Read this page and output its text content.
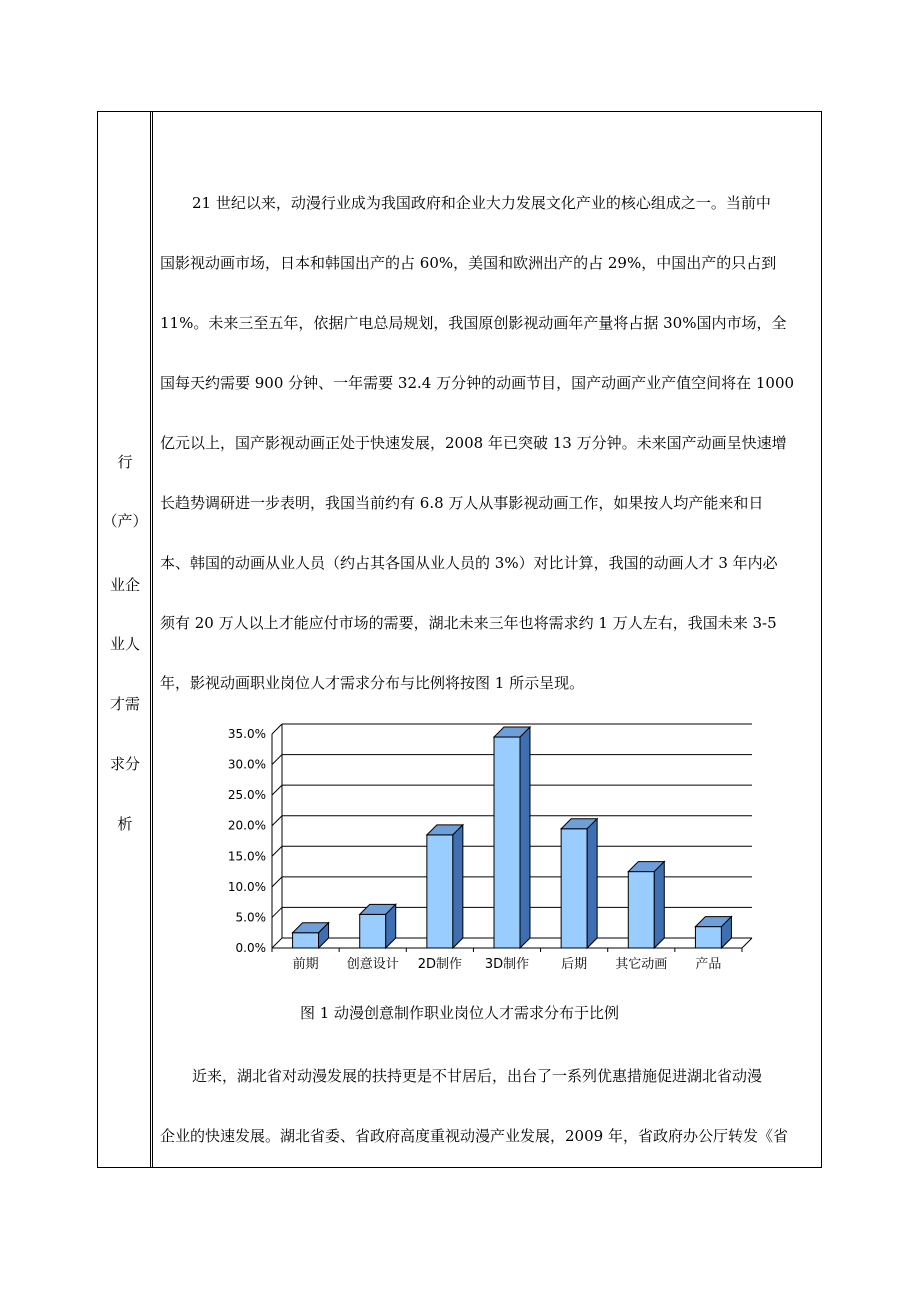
行
（产）
业企
业人
才需
求分
析
21 世纪以来，动漫行业成为我国政府和企业大力发展文化产业的核心组成之一。当前中
国影视动画市场，日本和韩国出产的占 60%，美国和欧洲出产的占 29%，中国出产的只占到
11%。未来三至五年，依据广电总局规划，我国原创影视动画年产量将占据 30%国内市场，全
国每天约需要 900 分钟、一年需要 32.4 万分钟的动画节目，国产动画产业产值空间将在 1000
亿元以上，国产影视动画正处于快速发展，2008 年已突破 13 万分钟。未来国产动画呈快速增
长趋势调研进一步表明，我国当前约有 6.8 万人从事影视动画工作，如果按人均产能来和日
本、韩国的动画从业人员（约占其各国从业人员的 3%）对比计算，我国的动画人才 3 年内必
须有 20 万人以上才能应付市场的需要，湖北未来三年也将需求约 1 万人左右，我国未来 3-5
年，影视动画职业岗位人才需求分布与比例将按图 1 所示呈现。
0.0%
5.0%
10.0%
15.0%
20.0%
25.0%
30.0%
35.0%
前期 创意设计 2D制作 3D制作 后期 其它动画 产品
图 1 动漫创意制作职业岗位人才需求分布于比例
近来，湖北省对动漫发展的扶持更是不甘居后，出台了一系列优惠措施促进湖北省动漫
企业的快速发展。湖北省委、省政府高度重视动漫产业发展，2009 年，省政府办公厅转发《省
